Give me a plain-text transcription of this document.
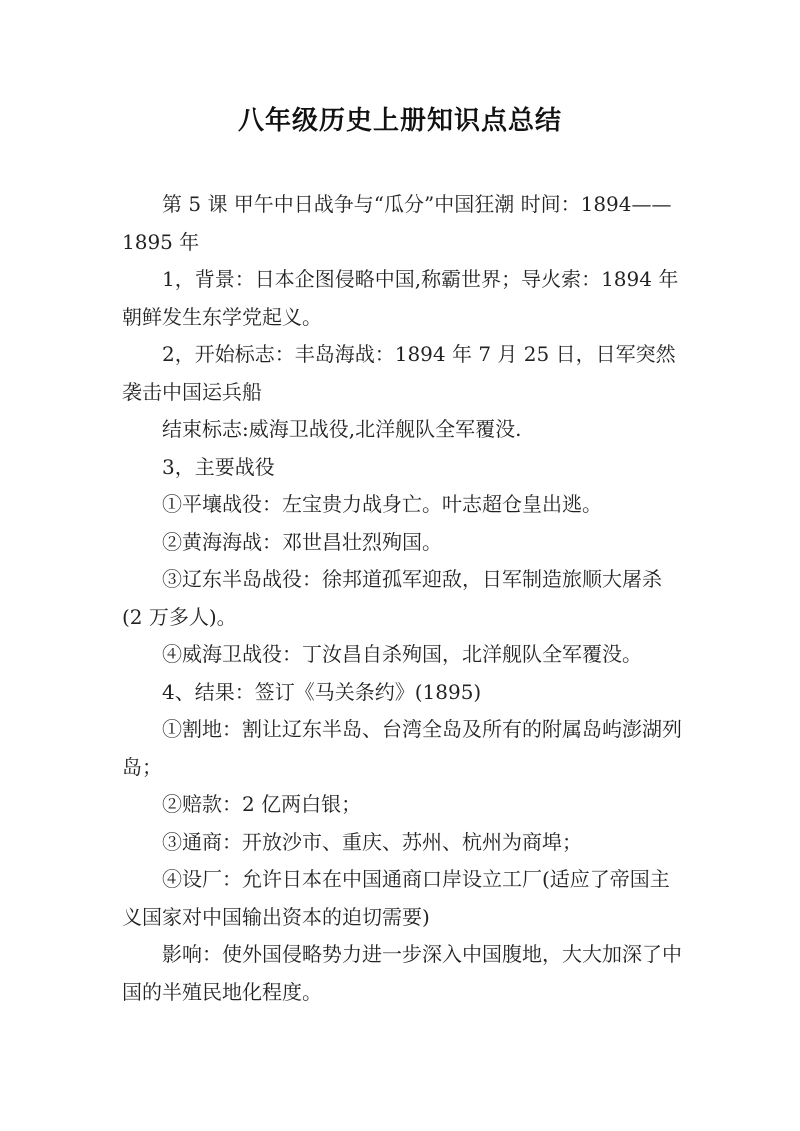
八年级历史上册知识点总结

第 5 课 甲午中日战争与“瓜分”中国狂潮 时间：1894——1895 年

1，背景：日本企图侵略中国,称霸世界；导火索：1894 年朝鲜发生东学党起义。

2，开始标志：丰岛海战：1894 年 7 月 25 日，日军突然袭击中国运兵船

结束标志:威海卫战役,北洋舰队全军覆没.

3，主要战役

①平壤战役：左宝贵力战身亡。叶志超仓皇出逃。

②黄海海战：邓世昌壮烈殉国。

③辽东半岛战役：徐邦道孤军迎敌，日军制造旅顺大屠杀(2 万多人)。

④威海卫战役：丁汝昌自杀殉国，北洋舰队全军覆没。

4、结果：签订《马关条约》(1895)

①割地：割让辽东半岛、台湾全岛及所有的附属岛屿澎湖列岛；

②赔款：2 亿两白银；

③通商：开放沙市、重庆、苏州、杭州为商埠；

④设厂：允许日本在中国通商口岸设立工厂(适应了帝国主义国家对中国输出资本的迫切需要)

影响：使外国侵略势力进一步深入中国腹地，大大加深了中国的半殖民地化程度。
